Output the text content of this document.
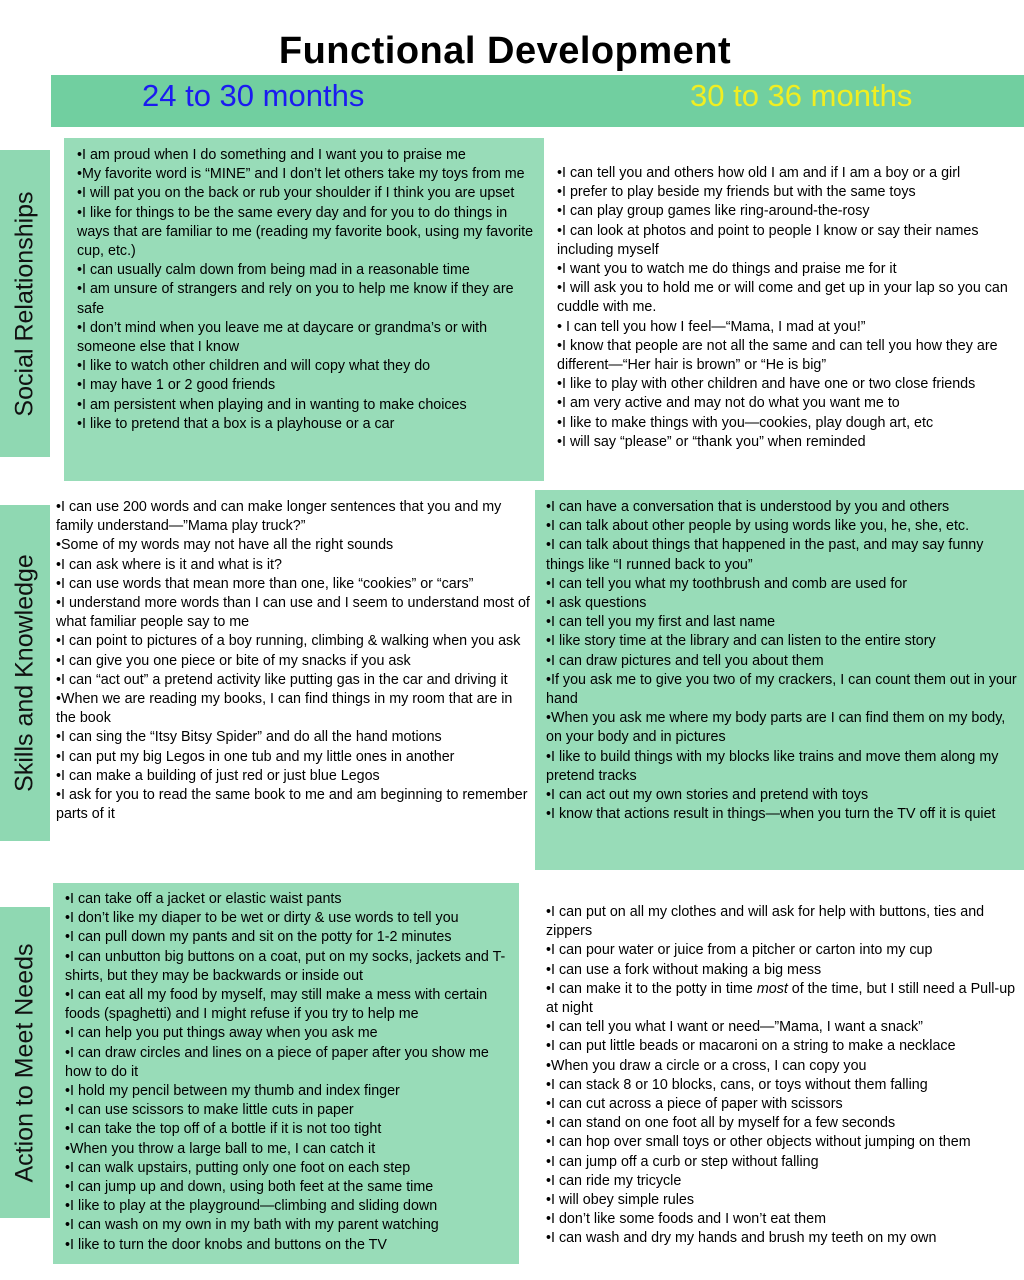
Functional Development
24 to 30 months	30 to 36 months
Social Relationships
Skills and Knowledge
Action to Meet Needs
• I am proud when I do something and I want you to praise me
• My favorite word is “MINE” and I don’t let others take my toys from me
• I will pat you on the back or rub your shoulder if I think you are upset
• I like for things to be the same every day and for you to do things in ways that are familiar to me (reading my favorite book, using my favorite cup, etc.)
• I can usually calm down from being mad in a reasonable time
• I am unsure of strangers and rely on you to help me know if they are safe
• I don’t mind when you leave me at daycare or grandma’s or with someone else that I know
• I like to watch other children and will copy what they do
• I may have 1 or 2 good friends
• I am persistent when playing and in wanting to make choices
• I like to pretend that a box is a playhouse or a car
• I can tell you and others how old I am and if I am a boy or a girl
• I prefer to play beside my friends but with the same toys
• I can play group games like ring-around-the-rosy
• I can look at photos and point to people I know or say their names including myself
• I want you to watch me do things and praise me for it
• I will ask you to hold me or will come and get up in your lap so you can cuddle with me.
• I can tell you how I feel—“Mama, I mad at you!”
• I know that people are not all the same and can tell you how they are different—“Her hair is brown” or “He is big”
• I like to play with other children and have one or two close friends
• I am very active and may not do what you want me to
• I like to make things with you—cookies, play dough art, etc
• I will say “please” or “thank you” when reminded
• I can use 200 words and can make longer sentences that you and my family understand—”Mama play truck?”
• Some of my words may not have all the right sounds
• I can ask where is it and what is it?
• I can use words that mean more than one, like “cookies” or “cars”
• I understand more words than I can use and I seem to understand most of what familiar people say to me
• I can point to pictures of a boy running, climbing & walking when you ask
• I can give you one piece or bite of my snacks if you ask
• I can “act out” a pretend activity like putting gas in the car and driving it
• When we are reading my books, I can find things in my room that are in the book
• I can sing the “Itsy Bitsy Spider” and do all the hand motions
• I can put my big Legos in one tub and my little ones in another
• I can make a building of just red or just blue Legos
• I ask for you to read the same book to me and am beginning to remember parts of it
• I can have a conversation that is understood by you and others
• I can talk about other people by using words like you, he, she, etc.
• I can talk about things that happened in the past, and may say funny things like “I runned back to you”
• I can tell you what my toothbrush and comb are used for
• I ask questions
• I can tell you my first and last name
• I like story time at the library and can listen to the entire story
• I can draw pictures and tell you about them
• If you ask me to give you two of my crackers, I can count them out in your hand
• When you ask me where my body parts are I can find them on my body, on your body and in pictures
• I like to build things with my blocks like trains and move them along my pretend tracks
• I can act out my own stories and pretend with toys
• I know that actions result in things—when you turn the TV off it is quiet
• I can take off a jacket or elastic waist pants
• I don’t like my diaper to be wet or dirty & use words to tell you
• I can pull down my pants and sit on the potty for 1-2 minutes
• I can unbutton big buttons on a coat, put on my socks, jackets and T-shirts, but they may be backwards or inside out
• I can eat all my food by myself, may still make a mess with certain foods (spaghetti) and I might refuse if you try to help me
• I can help you put things away when you ask me
• I can draw circles and lines on a piece of paper after you show me how to do it
• I hold my pencil between my thumb and index finger
• I can use scissors to make little cuts in paper
• I can take the top off of a bottle if it is not too tight
• When you throw a large ball to me, I can catch it
• I can walk upstairs, putting only one foot on each step
• I can jump up and down, using both feet at the same time
• I like to play at the playground—climbing and sliding down
• I can wash on my own in my bath with my parent watching
• I like to turn the door knobs and buttons on the TV
• I can put on all my clothes and will ask for help with buttons, ties and zippers
• I can pour water or juice from a pitcher or carton into my cup
• I can use a fork without making a big mess
• I can make it to the potty in time most of the time, but I still need a Pull-up at night
• I can tell you what I want or need—”Mama, I want a snack”
• I can put little beads or macaroni on a string to make a necklace
• When you draw a circle or a cross, I can copy you
• I can stack 8 or 10 blocks, cans, or toys without them falling
• I can cut across a piece of paper with scissors
• I can stand on one foot all by myself for a few seconds
• I can hop over small toys or other objects without jumping on them
• I can jump off a curb or step without falling
• I can ride my tricycle
• I will obey simple rules
• I don’t like some foods and I won’t eat them
• I can wash and dry my hands and brush my teeth on my own
